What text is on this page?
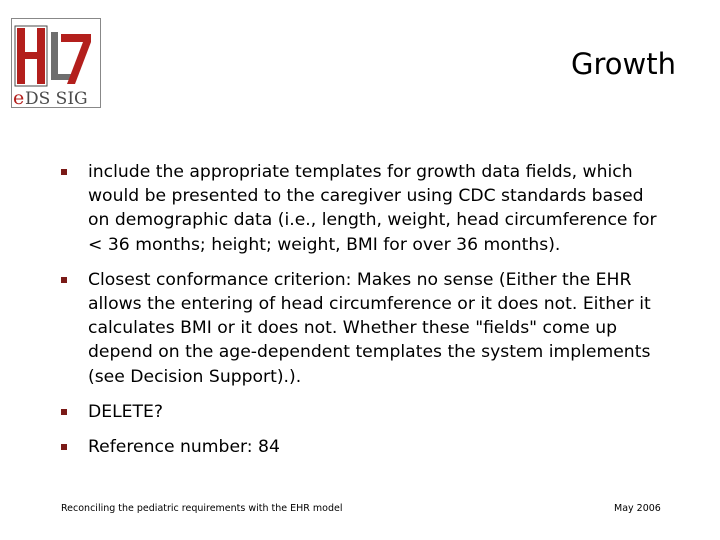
e DS SIG
Growth
include the appropriate templates for growth data fields, which would be presented to the caregiver using CDC standards based on demographic data (i.e., length, weight, head circumference for < 36 months; height; weight, BMI for over 36 months).
Closest conformance criterion: Makes no sense (Either the EHR allows the entering of head circumference or it does not. Either it calculates BMI or it does not. Whether these "fields" come up depend on the age-dependent templates the system implements (see Decision Support).).
DELETE?
Reference number: 84
Reconciling the pediatric requirements with the EHR model	May 2006
